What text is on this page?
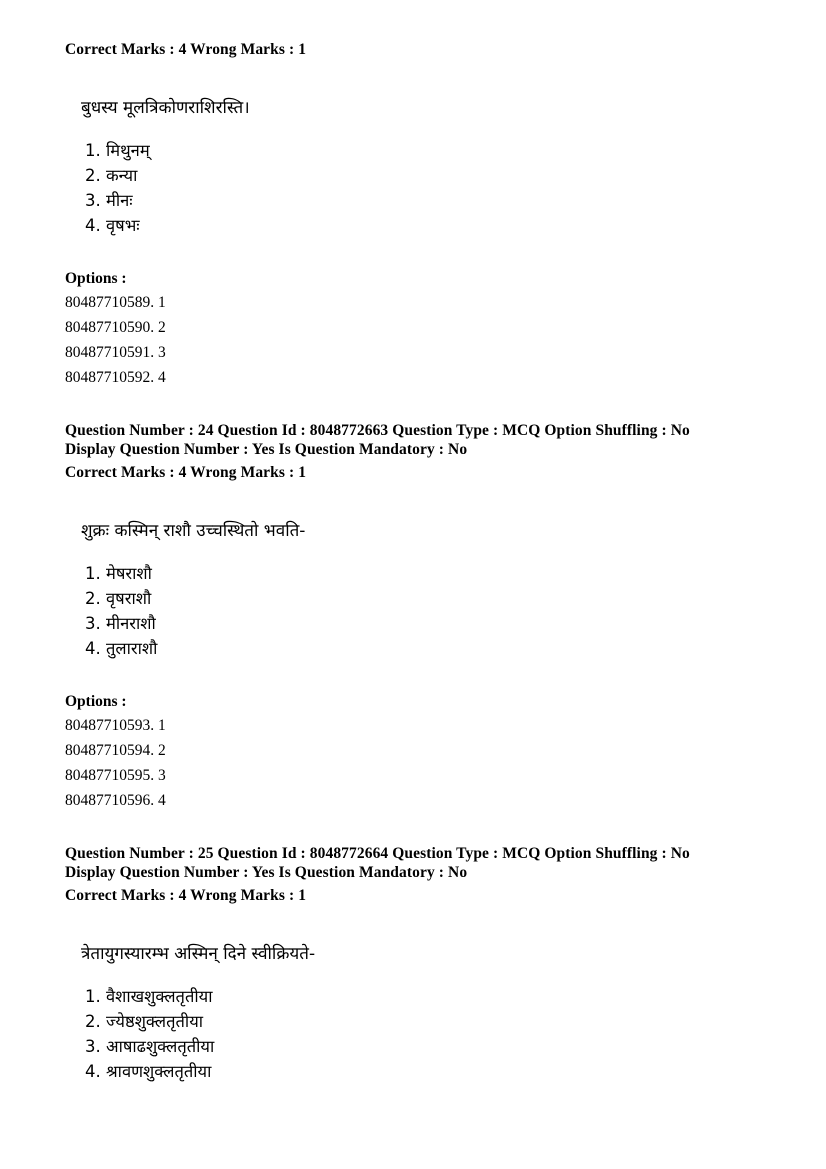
Correct Marks : 4 Wrong Marks : 1
बुधस्य मूलत्रिकोणराशिरस्ति।
1. मिथुनम्
2. कन्या
3. मीनः
4. वृषभः
Options :
80487710589. 1
80487710590. 2
80487710591. 3
80487710592. 4
Question Number : 24 Question Id : 8048772663 Question Type : MCQ Option Shuffling : No
Display Question Number : Yes Is Question Mandatory : No
Correct Marks : 4 Wrong Marks : 1
शुक्रः कस्मिन् राशौ उच्चस्थितो भवति-
1. मेषराशौ
2. वृषराशौ
3. मीनराशौ
4. तुलाराशौ
Options :
80487710593. 1
80487710594. 2
80487710595. 3
80487710596. 4
Question Number : 25 Question Id : 8048772664 Question Type : MCQ Option Shuffling : No
Display Question Number : Yes Is Question Mandatory : No
Correct Marks : 4 Wrong Marks : 1
त्रेतायुगस्यारम्भ अस्मिन् दिने स्वीक्रियते-
1. वैशाखशुक्लतृतीया
2. ज्येष्ठशुक्लतृतीया
3. आषाढशुक्लतृतीया
4. श्रावणशुक्लतृतीया
